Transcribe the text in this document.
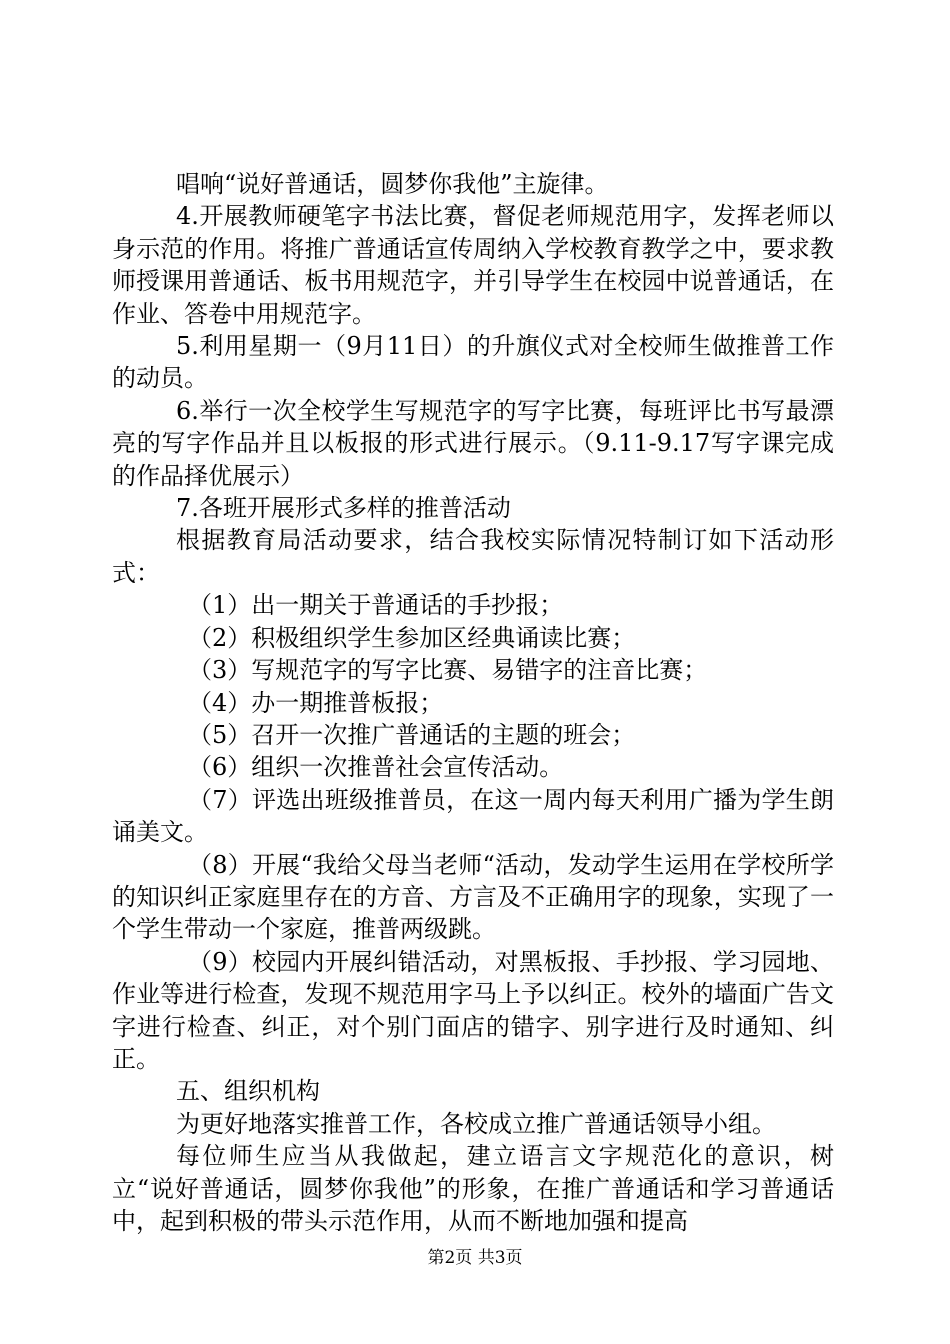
唱响“说好普通话，圆梦你我他”主旋律。

4.开展教师硬笔字书法比赛，督促老师规范用字，发挥老师以身示范的作用。将推广普通话宣传周纳入学校教育教学之中，要求教师授课用普通话、板书用规范字，并引导学生在校园中说普通话，在作业、答卷中用规范字。

5.利用星期一（9月11日）的升旗仪式对全校师生做推普工作的动员。

6.举行一次全校学生写规范字的写字比赛，每班评比书写最漂亮的写字作品并且以板报的形式进行展示。（9.11-9.17写字课完成的作品择优展示）

7.各班开展形式多样的推普活动

根据教育局活动要求，结合我校实际情况特制订如下活动形式：

（1）出一期关于普通话的手抄报；

（2）积极组织学生参加区经典诵读比赛；

（3）写规范字的写字比赛、易错字的注音比赛；

（4）办一期推普板报；

（5）召开一次推广普通话的主题的班会；

（6）组织一次推普社会宣传活动。

（7）评选出班级推普员，在这一周内每天利用广播为学生朗诵美文。

（8）开展“我给父母当老师“活动，发动学生运用在学校所学的知识纠正家庭里存在的方音、方言及不正确用字的现象，实现了一个学生带动一个家庭，推普两级跳。

（9）校园内开展纠错活动，对黑板报、手抄报、学习园地、作业等进行检查，发现不规范用字马上予以纠正。校外的墙面广告文字进行检查、纠正，对个别门面店的错字、别字进行及时通知、纠正。

五、组织机构

为更好地落实推普工作，各校成立推广普通话领导小组。

每位师生应当从我做起，建立语言文字规范化的意识，树立“说好普通话，圆梦你我他”的形象，在推广普通话和学习普通话中，起到积极的带头示范作用，从而不断地加强和提高

第2页 共3页
